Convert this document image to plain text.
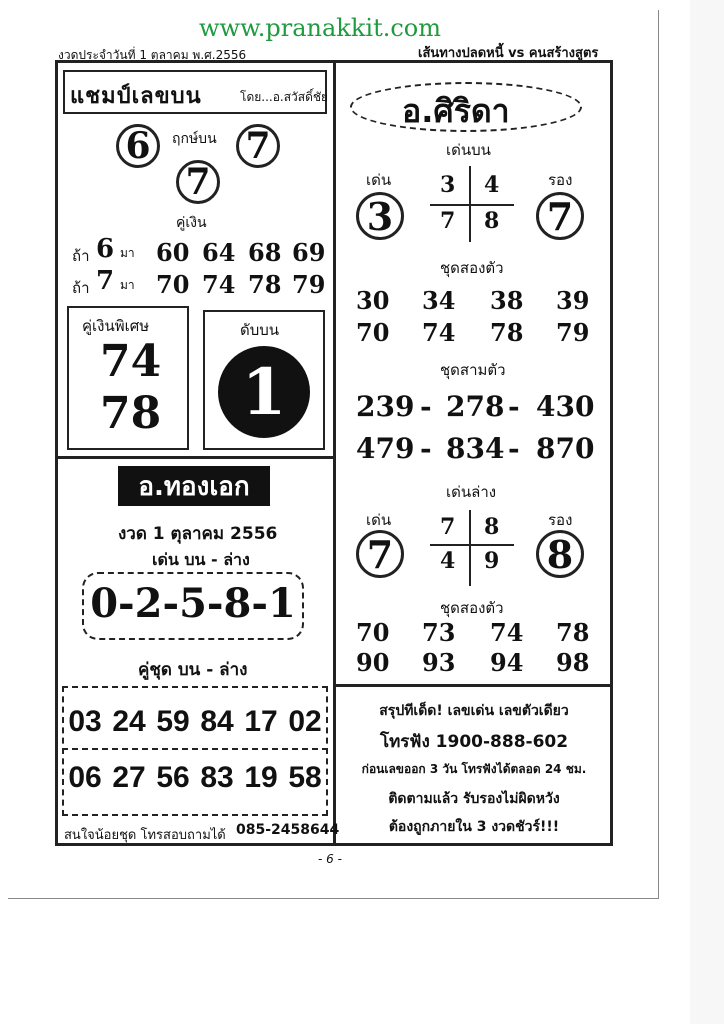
www.pranakkit.com
งวดประจำวันที่ 1 ตุลาคม พ.ศ.2556	เส้นทางปลดหนี้ vs คนสร้างสูตร
แชมป์เลขบน	โดย...อ.สวัสดิ์ชัย
6	ฤกษ์บน 7
7
คู่เงิน
ถ้า 6 มา 60 64 68 69
ถ้า 7 มา 70 74 78 79
คู่เงินพิเศษ
74
78
ดับบน
1
อ.ทองเอก
งวด 1 ตุลาคม 2556
เด่น บน - ล่าง
0-2-5-8-1
คู่ชุด บน - ล่าง
03 24 59 84 17 02
06 27 56 83 19 58
สนใจน้อยชุด โทรสอบถามได้ 085-2458644
อ.ศิริดา
เด่นบน
เด่น
3
รอง
7
3 4
7 8
ชุดสองตัว
30 34 38 39
70 74 78 79
ชุดสามตัว
239 - 278 - 430
479 - 834 - 870
เด่นล่าง
เด่น
7
รอง
8
7 8
4 9
ชุดสองตัว
70 73 74 78
90 93 94 98
สรุปทีเด็ด! เลขเด่น เลขตัวเดียว
โทรฟัง 1900-888-602
ก่อนเลขออก 3 วัน โทรฟังได้ตลอด 24 ชม.
ติดตามแล้ว รับรองไม่ผิดหวัง
ต้องถูกภายใน 3 งวดชัวร์!!!
- 6 -
